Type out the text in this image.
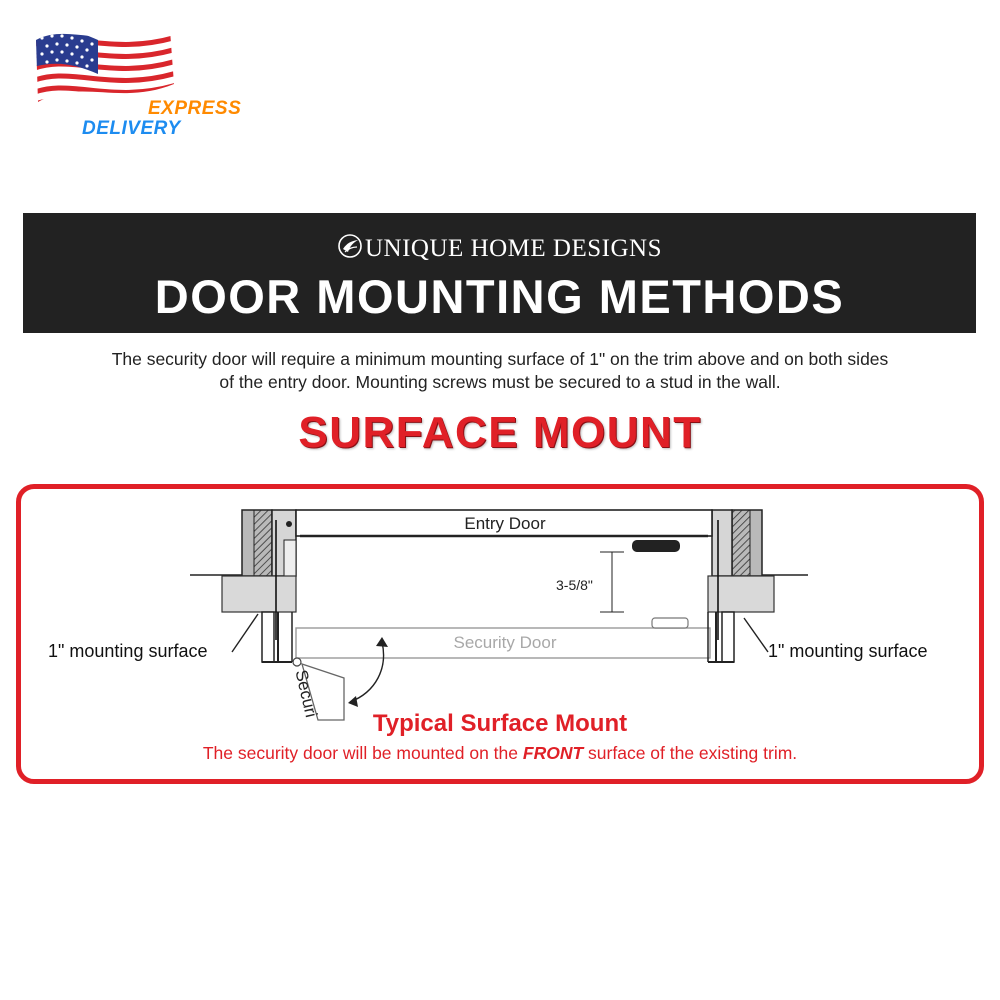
EXPRESS
DELIVERY
UNIQUE HOME DESIGNS
DOOR MOUNTING METHODS
The security door will require a minimum mounting surface of 1" on the trim above and on both sides
of the entry door. Mounting screws must be secured to a stud in the wall.
SURFACE MOUNT
Entry Door
Security Door
3-5/8"
Securi
1" mounting surface	1" mounting surface
Typical Surface Mount
The security door will be mounted on the FRONT surface of the existing trim.
